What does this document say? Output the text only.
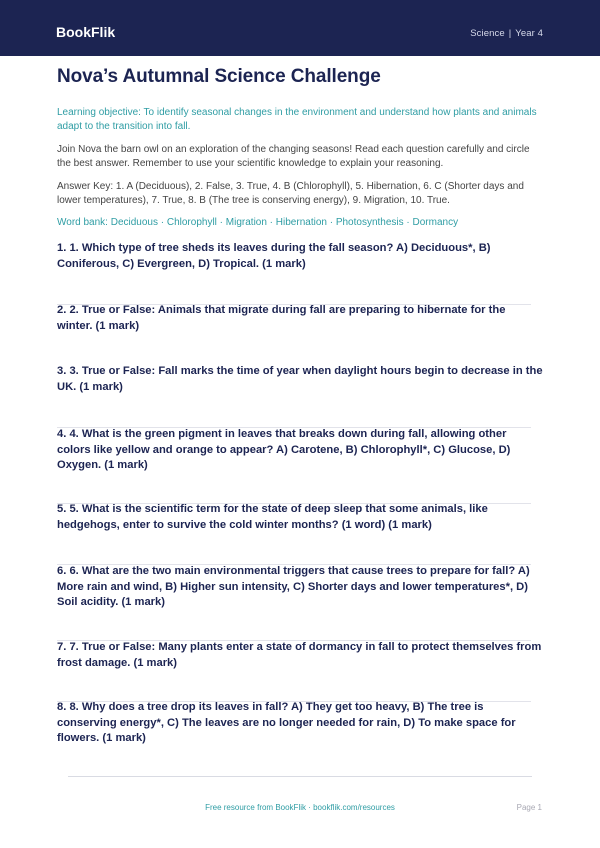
BookFlik	Science | Year 4
Nova’s Autumnal Science Challenge

Learning objective: To identify seasonal changes in the environment and understand how plants and animals adapt to the transition into fall.

Join Nova the barn owl on an exploration of the changing seasons! Read each question carefully and circle the best answer. Remember to use your scientific knowledge to explain your reasoning.

Answer Key: 1. A (Deciduous), 2. False, 3. True, 4. B (Chlorophyll), 5. Hibernation, 6. C (Shorter days and lower temperatures), 7. True, 8. B (The tree is conserving energy), 9. Migration, 10. True.

Word bank: Deciduous · Chlorophyll · Migration · Hibernation · Photosynthesis · Dormancy

1. 1. Which type of tree sheds its leaves during the fall season? A) Deciduous*, B) Coniferous, C) Evergreen, D) Tropical. (1 mark)

2. 2. True or False: Animals that migrate during fall are preparing to hibernate for the winter. (1 mark)

3. 3. True or False: Fall marks the time of year when daylight hours begin to decrease in the UK. (1 mark)

4. 4. What is the green pigment in leaves that breaks down during fall, allowing other colors like yellow and orange to appear? A) Carotene, B) Chlorophyll*, C) Glucose, D) Oxygen. (1 mark)

5. 5. What is the scientific term for the state of deep sleep that some animals, like hedgehogs, enter to survive the cold winter months? (1 word) (1 mark)

6. 6. What are the two main environmental triggers that cause trees to prepare for fall? A) More rain and wind, B) Higher sun intensity, C) Shorter days and lower temperatures*, D) Soil acidity. (1 mark)

7. 7. True or False: Many plants enter a state of dormancy in fall to protect themselves from frost damage. (1 mark)

8. 8. Why does a tree drop its leaves in fall? A) They get too heavy, B) The tree is conserving energy*, C) The leaves are no longer needed for rain, D) To make space for flowers. (1 mark)

Free resource from BookFlik · bookflik.com/resources	Page 1
